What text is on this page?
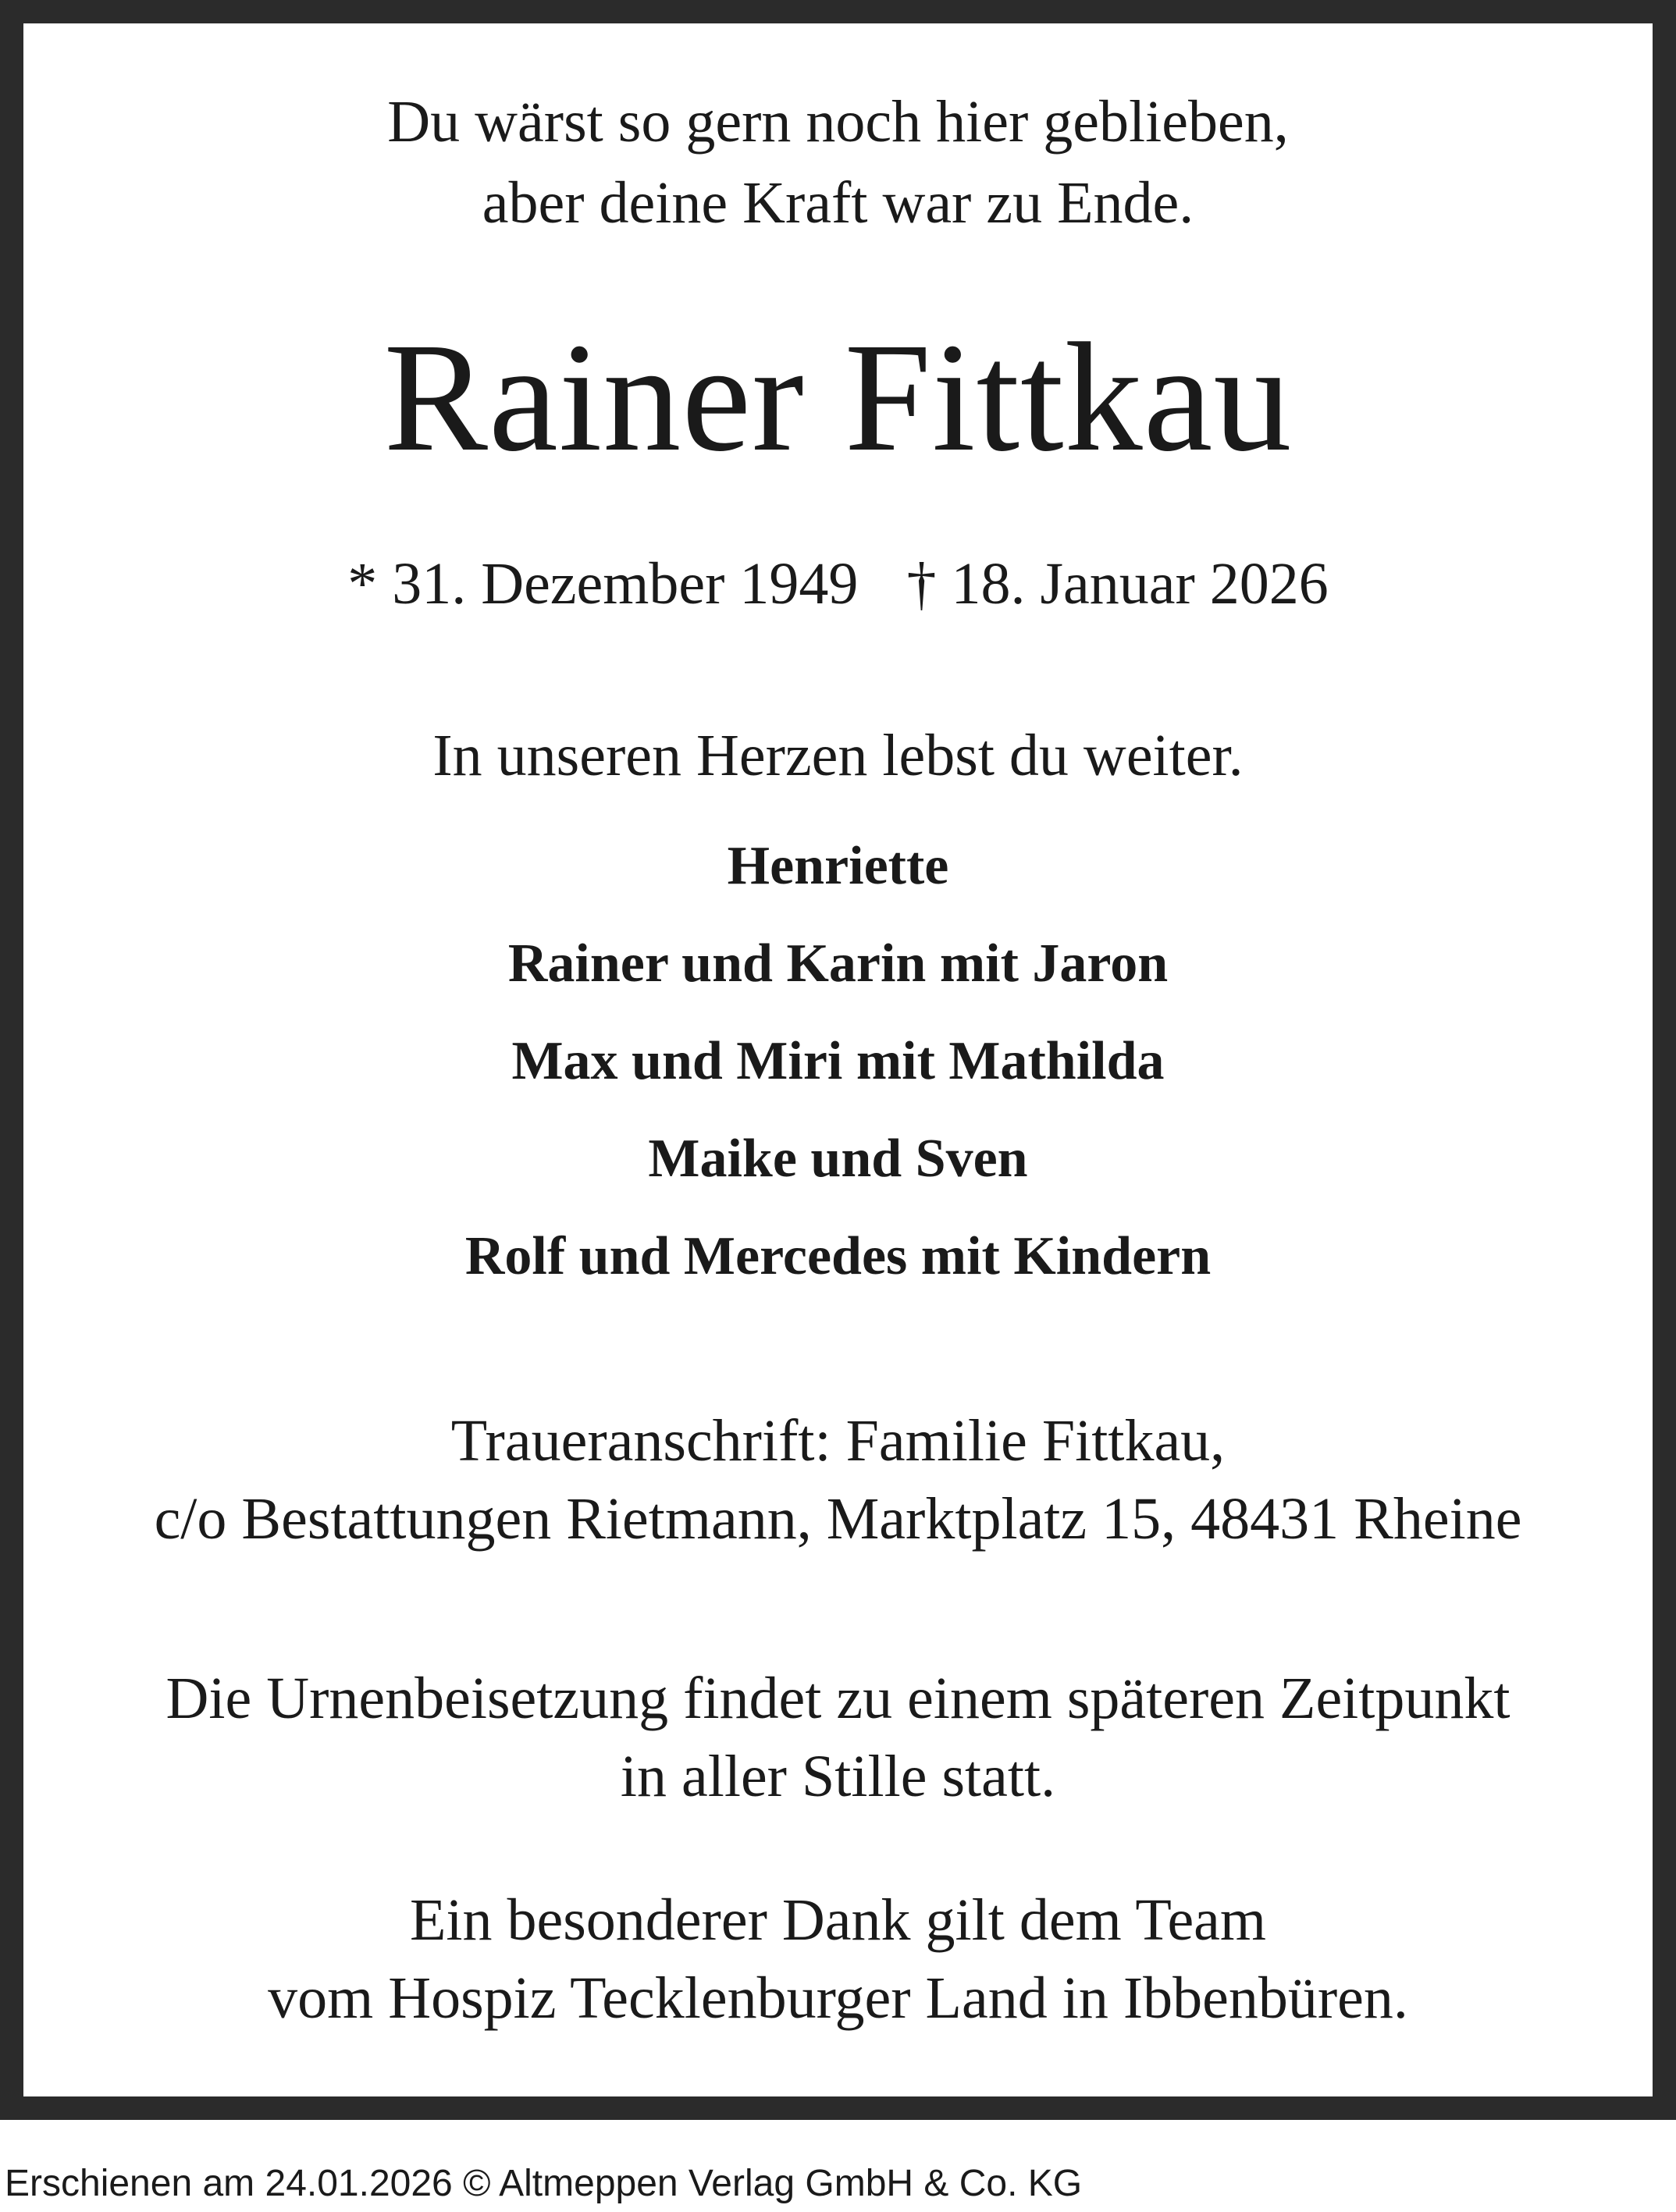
Du wärst so gern noch hier geblieben,
aber deine Kraft war zu Ende.
Rainer Fittkau
* 31. Dezember 1949 † 18. Januar 2026
In unseren Herzen lebst du weiter.
Henriette
Rainer und Karin mit Jaron
Max und Miri mit Mathilda
Maike und Sven
Rolf und Mercedes mit Kindern
Traueranschrift: Familie Fittkau,
c/o Bestattungen Rietmann, Marktplatz 15, 48431 Rheine
Die Urnenbeisetzung findet zu einem späteren Zeitpunkt
in aller Stille statt.
Ein besonderer Dank gilt dem Team
vom Hospiz Tecklenburger Land in Ibbenbüren.
Erschienen am 24.01.2026 © Altmeppen Verlag GmbH & Co. KG
